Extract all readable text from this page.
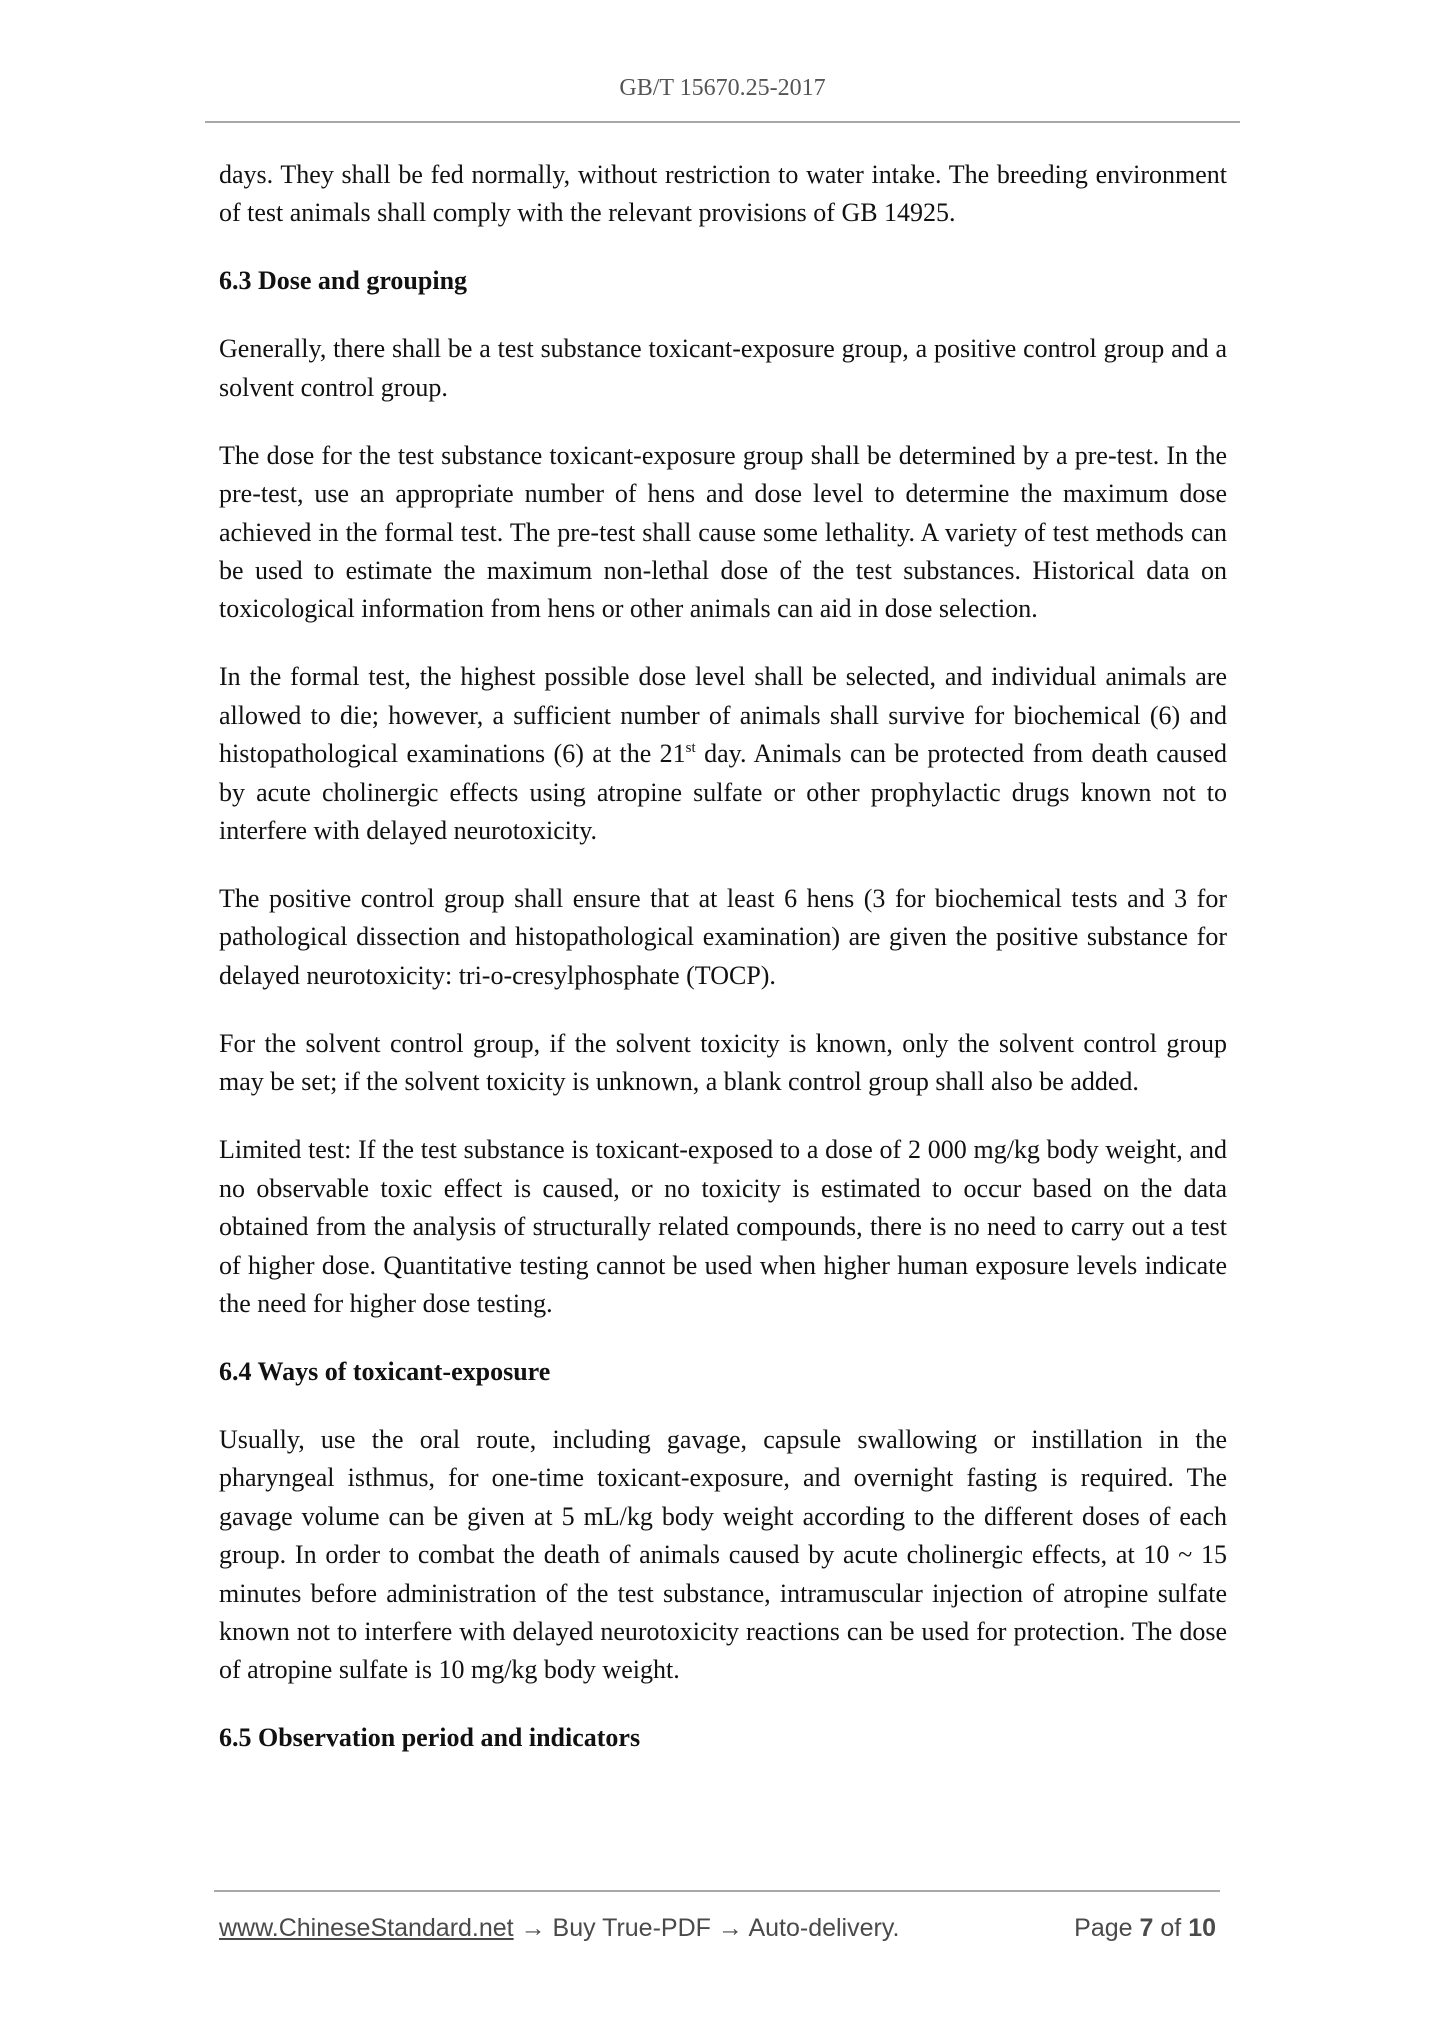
GB/T 15670.25-2017

days. They shall be fed normally, without restriction to water intake. The breeding environment of test animals shall comply with the relevant provisions of GB 14925.

6.3 Dose and grouping

Generally, there shall be a test substance toxicant-exposure group, a positive control group and a solvent control group.

The dose for the test substance toxicant-exposure group shall be determined by a pre-test. In the pre-test, use an appropriate number of hens and dose level to determine the maximum dose achieved in the formal test. The pre-test shall cause some lethality. A variety of test methods can be used to estimate the maximum non-lethal dose of the test substances. Historical data on toxicological information from hens or other animals can aid in dose selection.

In the formal test, the highest possible dose level shall be selected, and individual animals are allowed to die; however, a sufficient number of animals shall survive for biochemical (6) and histopathological examinations (6) at the 21st day. Animals can be protected from death caused by acute cholinergic effects using atropine sulfate or other prophylactic drugs known not to interfere with delayed neurotoxicity.

The positive control group shall ensure that at least 6 hens (3 for biochemical tests and 3 for pathological dissection and histopathological examination) are given the positive substance for delayed neurotoxicity: tri-o-cresylphosphate (TOCP).

For the solvent control group, if the solvent toxicity is known, only the solvent control group may be set; if the solvent toxicity is unknown, a blank control group shall also be added.

Limited test: If the test substance is toxicant-exposed to a dose of 2 000 mg/kg body weight, and no observable toxic effect is caused, or no toxicity is estimated to occur based on the data obtained from the analysis of structurally related compounds, there is no need to carry out a test of higher dose. Quantitative testing cannot be used when higher human exposure levels indicate the need for higher dose testing.

6.4 Ways of toxicant-exposure

Usually, use the oral route, including gavage, capsule swallowing or instillation in the pharyngeal isthmus, for one-time toxicant-exposure, and overnight fasting is required. The gavage volume can be given at 5 mL/kg body weight according to the different doses of each group. In order to combat the death of animals caused by acute cholinergic effects, at 10 ~ 15 minutes before administration of the test substance, intramuscular injection of atropine sulfate known not to interfere with delayed neurotoxicity reactions can be used for protection. The dose of atropine sulfate is 10 mg/kg body weight.

6.5 Observation period and indicators
www.ChineseStandard.net → Buy True-PDF → Auto-delivery.	Page 7 of 10
